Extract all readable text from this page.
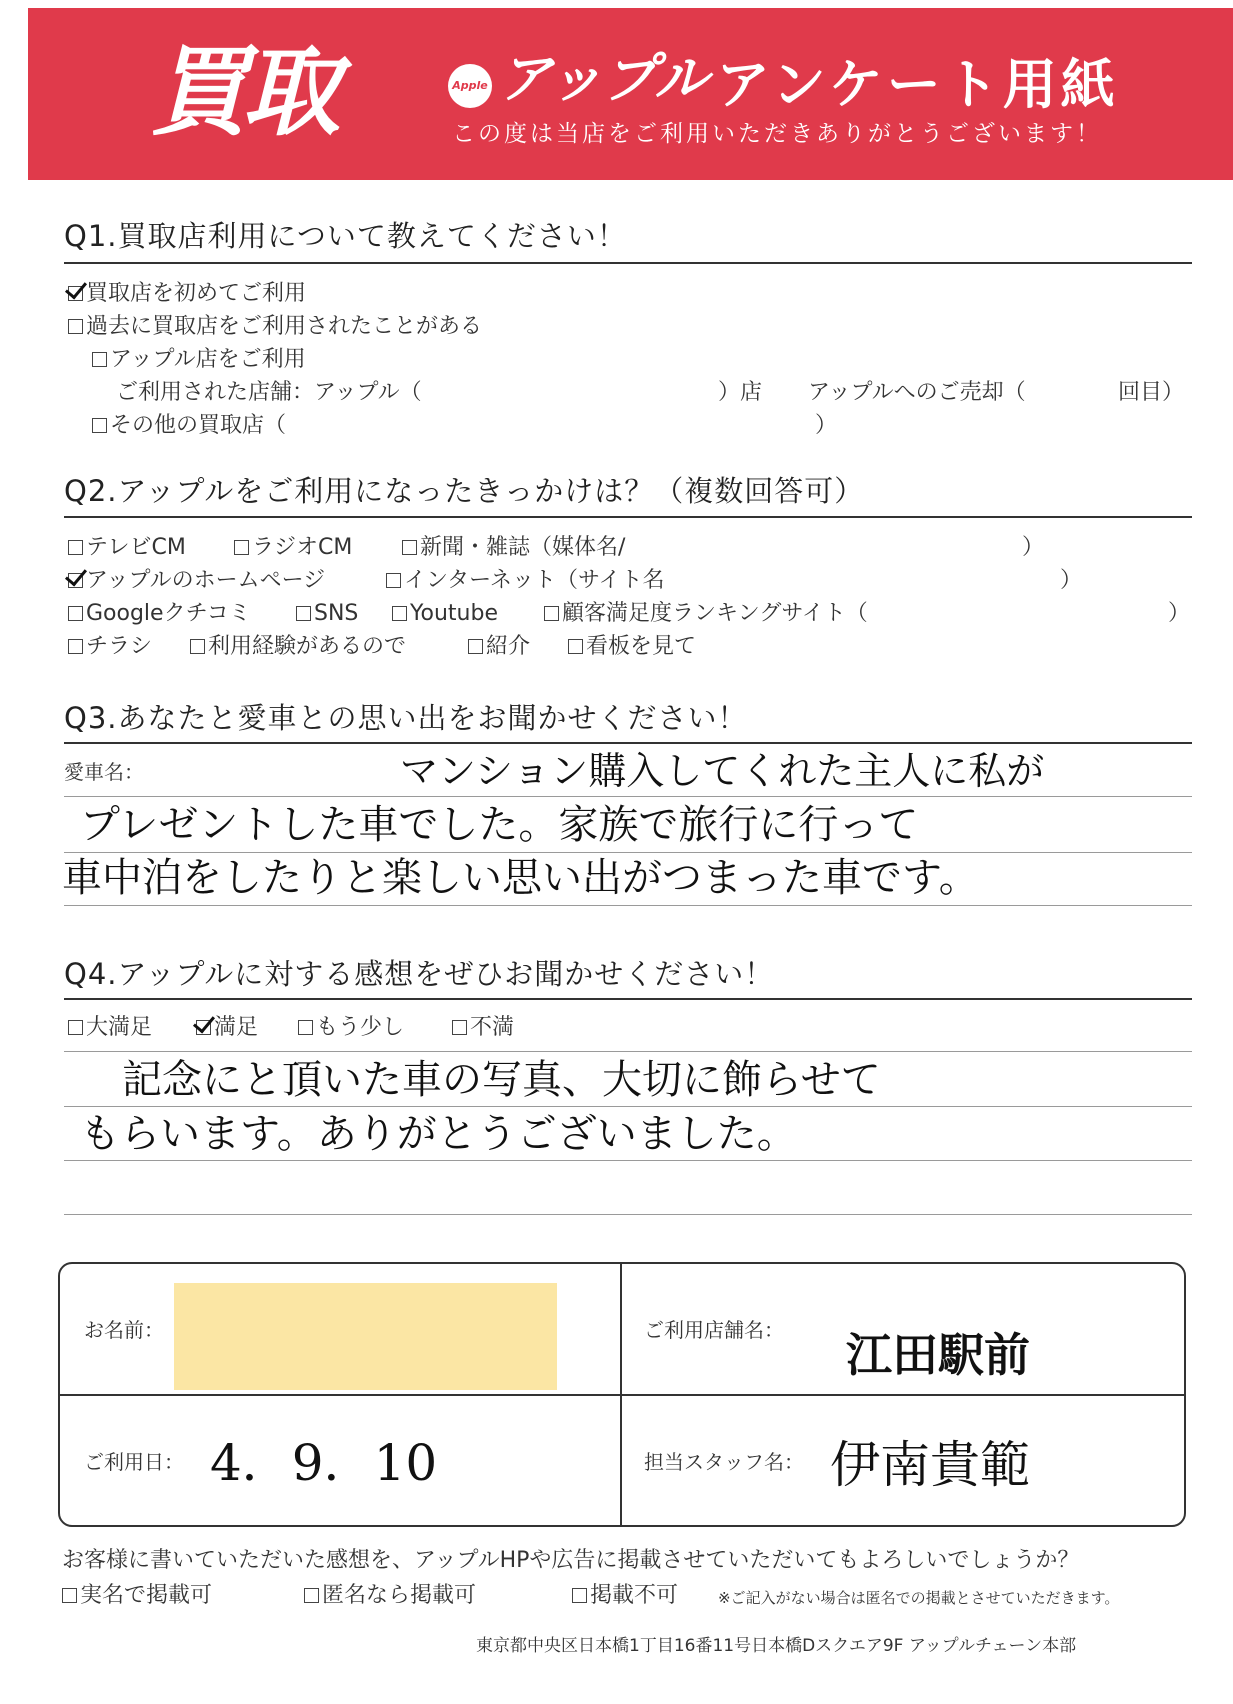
買取	Apple アップル アンケート用紙
この度は当店をご利用いただきありがとうございます！
Q1.買取店利用について教えてください！
買取店を初めてご利用
過去に買取店をご利用されたことがある
アップル店をご利用
ご利用された店舗：アップル（	）店 アップルへのご売却（	回目）
その他の買取店（	）
Q2.アップルをご利用になったきっかけは？（複数回答可）
テレビCM	ラジオCM	新聞・雑誌（媒体名/	）
アップルのホームページ	インターネット（サイト名	）
Googleクチコミ	SNS	Youtube	顧客満足度ランキングサイト（	）
チラシ	利用経験があるので	紹介	看板を見て
Q3.あなたと愛車との思い出をお聞かせください！
愛車名：	マンション購入してくれた主人に私が
プレゼントした車でした。家族で旅行に行って
車中泊をしたりと楽しい思い出がつまった車です。
Q4.アップルに対する感想をぜひお聞かせください！
大満足	満足	もう少し	不満
記念にと頂いた車の写真、大切に飾らせて
もらいます。ありがとうございました。
お名前：	ご利用店舗名： 江田駅前
ご利用日： 4．9．10	担当スタッフ名： 伊南貴範
お客様に書いていただいた感想を、アップルHPや広告に掲載させていただいてもよろしいでしょうか？
実名で掲載可	匿名なら掲載可	掲載不可	※ご記入がない場合は匿名での掲載とさせていただきます。
東京都中央区日本橋1丁目16番11号日本橋Dスクエア9F アップルチェーン本部
